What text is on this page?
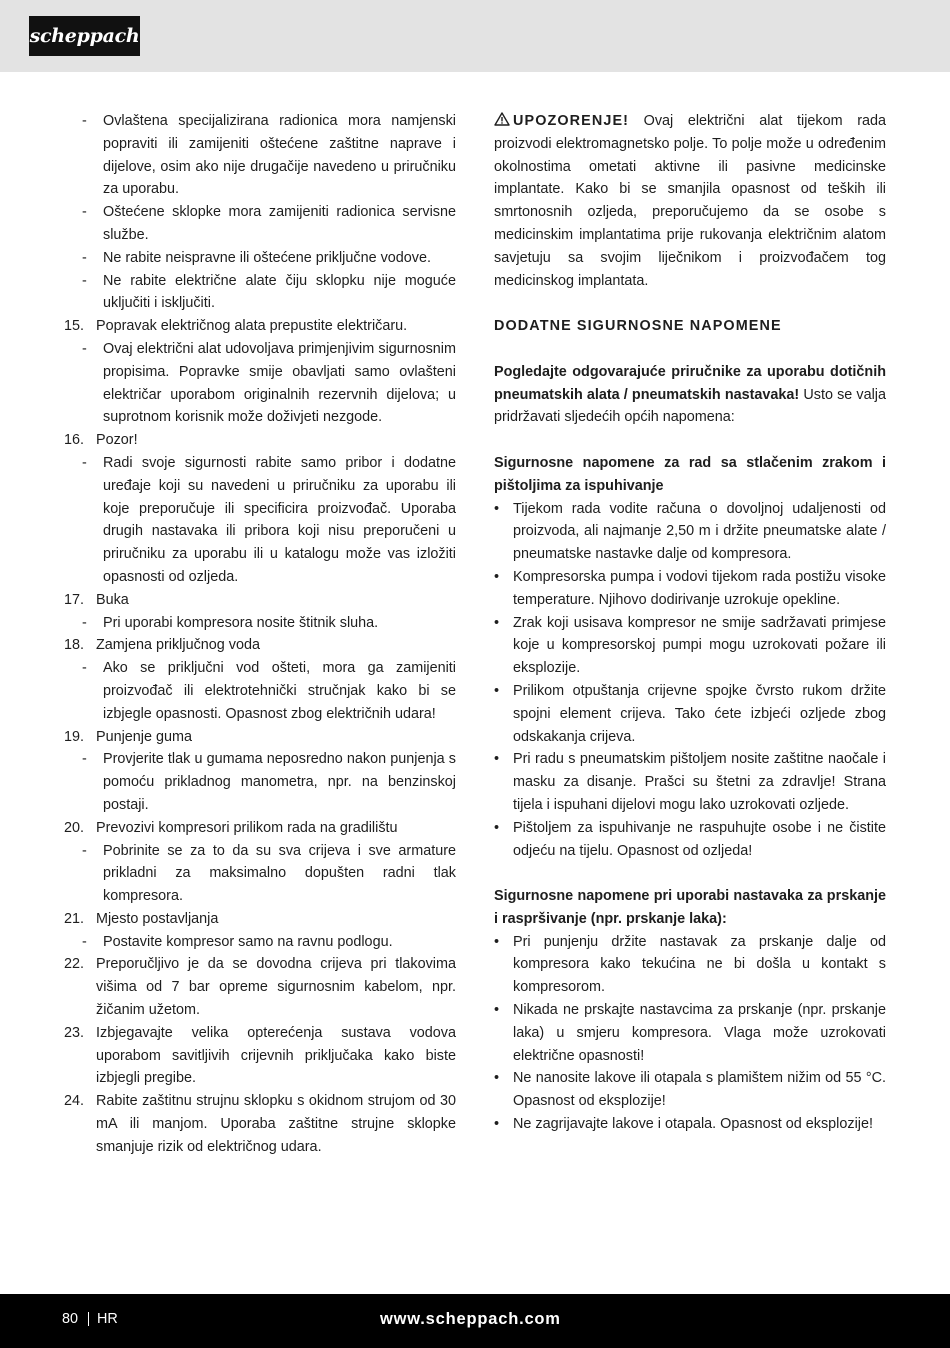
scheppach
- Ovlaštena specijalizirana radionica mora namjenski popraviti ili zamijeniti oštećene zaštitne naprave i dijelove, osim ako nije drugačije navedeno u priručniku za uporabu.
- Oštećene sklopke mora zamijeniti radionica servisne službe.
- Ne rabite neispravne ili oštećene priključne vodove.
- Ne rabite električne alate čiju sklopku nije moguće uključiti i isključiti.
15. Popravak električnog alata prepustite električaru.
- Ovaj električni alat udovoljava primjenjivim sigurnosnim propisima. Popravke smije obavljati samo ovlašteni električar uporabom originalnih rezervnih dijelova; u suprotnom korisnik može doživjeti nezgode.
16. Pozor!
- Radi svoje sigurnosti rabite samo pribor i dodatne uređaje koji su navedeni u priručniku za uporabu ili koje preporučuje ili specificira proizvođač. Uporaba drugih nastavaka ili pribora koji nisu preporučeni u priručniku za uporabu ili u katalogu može vas izložiti opasnosti od ozljeda.
17. Buka
- Pri uporabi kompresora nosite štitnik sluha.
18. Zamjena priključnog voda
- Ako se priključni vod ošteti, mora ga zamijeniti proizvođač ili elektrotehnički stručnjak kako bi se izbjegle opasnosti. Opasnost zbog električnih udara!
19. Punjenje guma
- Provjerite tlak u gumama neposredno nakon punjenja s pomoću prikladnog manometra, npr. na benzinskoj postaji.
20. Prevozivi kompresori prilikom rada na gradilištu
- Pobrinite se za to da su sva crijeva i sve armature prikladni za maksimalno dopušten radni tlak kompresora.
21. Mjesto postavljanja
- Postavite kompresor samo na ravnu podlogu.
22. Preporučljivo je da se dovodna crijeva pri tlakovima višima od 7 bar opreme sigurnosnim kabelom, npr. žičanim užetom.
23. Izbjegavajte velika opterećenja sustava vodova uporabom savitljivih crijevnih priključaka kako biste izbjegli pregibe.
24. Rabite zaštitnu strujnu sklopku s okidnom strujom od 30 mA ili manjom. Uporaba zaštitne strujne sklopke smanjuje rizik od električnog udara.
UPOZORENJE! Ovaj električni alat tijekom rada proizvodi elektromagnetsko polje. To polje može u određenim okolnostima ometati aktivne ili pasivne medicinske implantate. Kako bi se smanjila opasnost od teških ili smrtonosnih ozljeda, preporučujemo da se osobe s medicinskim implantatima prije rukovanja električnim alatom savjetuju sa svojim liječnikom i proizvođačem tog medicinskog implantata.
DODATNE SIGURNOSNE NAPOMENE
Pogledajte odgovarajuće priručnike za uporabu dotičnih pneumatskih alata / pneumatskih nastavaka! Usto se valja pridržavati sljedećih općih napomena:
Sigurnosne napomene za rad sa stlačenim zrakom i pištoljima za ispuhivanje
• Tijekom rada vodite računa o dovoljnoj udaljenosti od proizvoda, ali najmanje 2,50 m i držite pneumatske alate / pneumatske nastavke dalje od kompresora.
• Kompresorska pumpa i vodovi tijekom rada postižu visoke temperature. Njihovo dodirivanje uzrokuje opekline.
• Zrak koji usisava kompresor ne smije sadržavati primjese koje u kompresorskoj pumpi mogu uzrokovati požare ili eksplozije.
• Prilikom otpuštanja crijevne spojke čvrsto rukom držite spojni element crijeva. Tako ćete izbjeći ozljede zbog odskakanja crijeva.
• Pri radu s pneumatskim pištoljem nosite zaštitne naočale i masku za disanje. Prašci su štetni za zdravlje! Strana tijela i ispuhani dijelovi mogu lako uzrokovati ozljede.
• Pištoljem za ispuhivanje ne raspuhujte osobe i ne čistite odjeću na tijelu. Opasnost od ozljeda!
Sigurnosne napomene pri uporabi nastavaka za prskanje i raspršivanje (npr. prskanje laka):
• Pri punjenju držite nastavak za prskanje dalje od kompresora kako tekućina ne bi došla u kontakt s kompresorom.
• Nikada ne prskajte nastavcima za prskanje (npr. prskanje laka) u smjeru kompresora. Vlaga može uzrokovati električne opasnosti!
• Ne nanosite lakove ili otapala s plamištem nižim od 55 °C. Opasnost od eksplozije!
• Ne zagrijavajte lakove i otapala. Opasnost od eksplozije!
80 HR	www.scheppach.com
